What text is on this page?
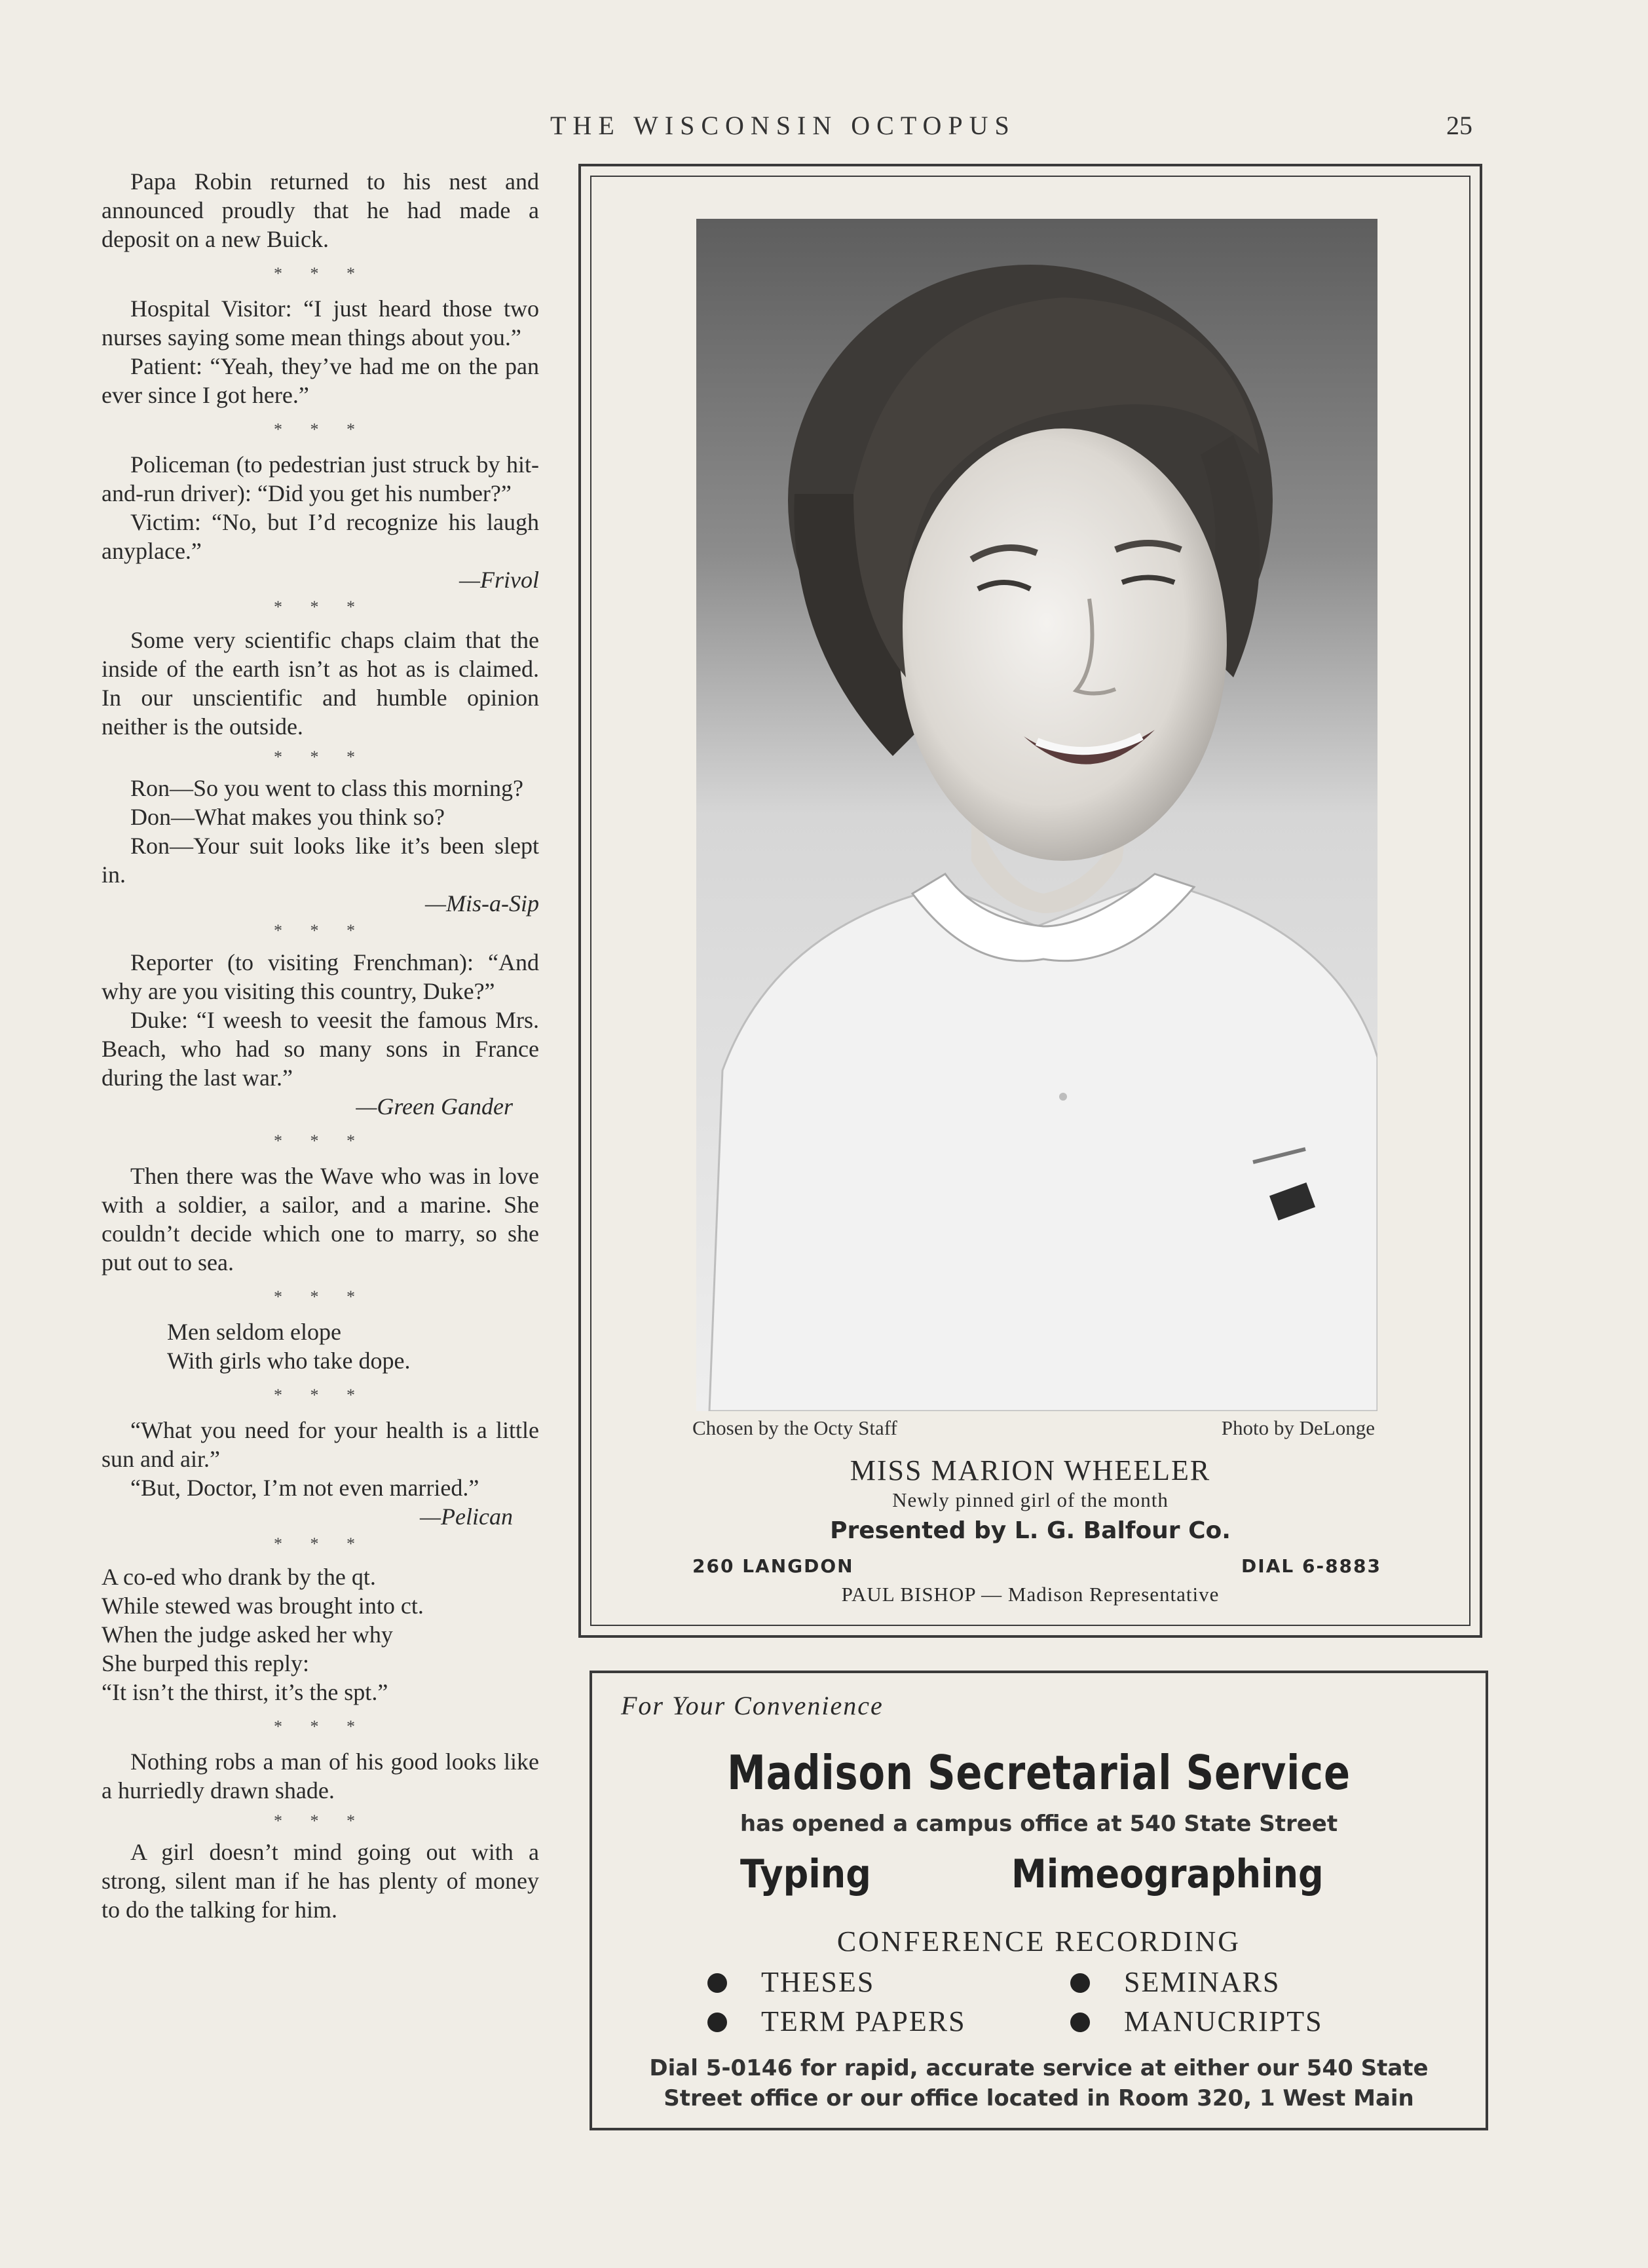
THE WISCONSIN OCTOPUS	25

Papa Robin returned to his nest and announced proudly that he had made a deposit on a new Buick.

* * *

Hospital Visitor: “I just heard those two nurses saying some mean things about you.”

Patient: “Yeah, they’ve had me on the pan ever since I got here.”

* * *

Policeman (to pedestrian just struck by hit-and-run driver): “Did you get his number?”

Victim: “No, but I’d recognize his laugh anyplace.”

—Frivol

* * *

Some very scientific chaps claim that the inside of the earth isn’t as hot as is claimed. In our unscientific and humble opinion neither is the outside.

* * *

Ron—So you went to class this morning?

Don—What makes you think so?

Ron—Your suit looks like it’s been slept in.

—Mis-a-Sip

* * *

Reporter (to visiting Frenchman): “And why are you visiting this country, Duke?”

Duke: “I weesh to veesit the famous Mrs. Beach, who had so many sons in France during the last war.”

—Green Gander

* * *

Then there was the Wave who was in love with a soldier, a sailor, and a marine. She couldn’t decide which one to marry, so she put out to sea.

* * *

Men seldom elope

With girls who take dope.

* * *

“What you need for your health is a little sun and air.”

“But, Doctor, I’m not even married.”

—Pelican

* * *

A co-ed who drank by the qt.

While stewed was brought into ct.

When the judge asked her why

She burped this reply:

“It isn’t the thirst, it’s the spt.”

* * *

Nothing robs a man of his good looks like a hurriedly drawn shade.

* * *

A girl doesn’t mind going out with a strong, silent man if he has plenty of money to do the talking for him.

Chosen by the Octy Staff	Photo by DeLonge
MISS MARION WHEELER
Newly pinned girl of the month
Presented by L. G. Balfour Co.
260 LANGDON	DIAL 6-8883
PAUL BISHOP — Madison Representative
For Your Convenience
Madison Secretarial Service
has opened a campus office at 540 State Street
Typing	Mimeographing
CONFERENCE RECORDING
THESES	SEMINARS
TERM PAPERS	MANUCRIPTS
Dial 5-0146 for rapid, accurate service at either our 540 State
Street office or our office located in Room 320, 1 West Main
